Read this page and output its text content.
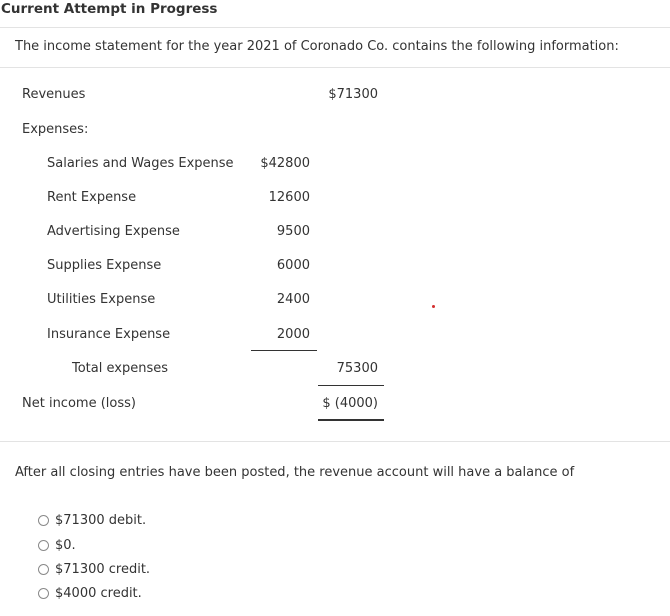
Current Attempt in Progress
The income statement for the year 2021 of Coronado Co. contains the following information:
Revenues	$71300
Expenses:
Salaries and Wages Expense	$42800
Rent Expense	12600
Advertising Expense	9500
Supplies Expense	6000
Utilities Expense	2400
Insurance Expense	2000
Total expenses	75300
Net income (loss)	$ (4000)
After all closing entries have been posted, the revenue account will have a balance of
$71300 debit.
$0.
$71300 credit.
$4000 credit.
